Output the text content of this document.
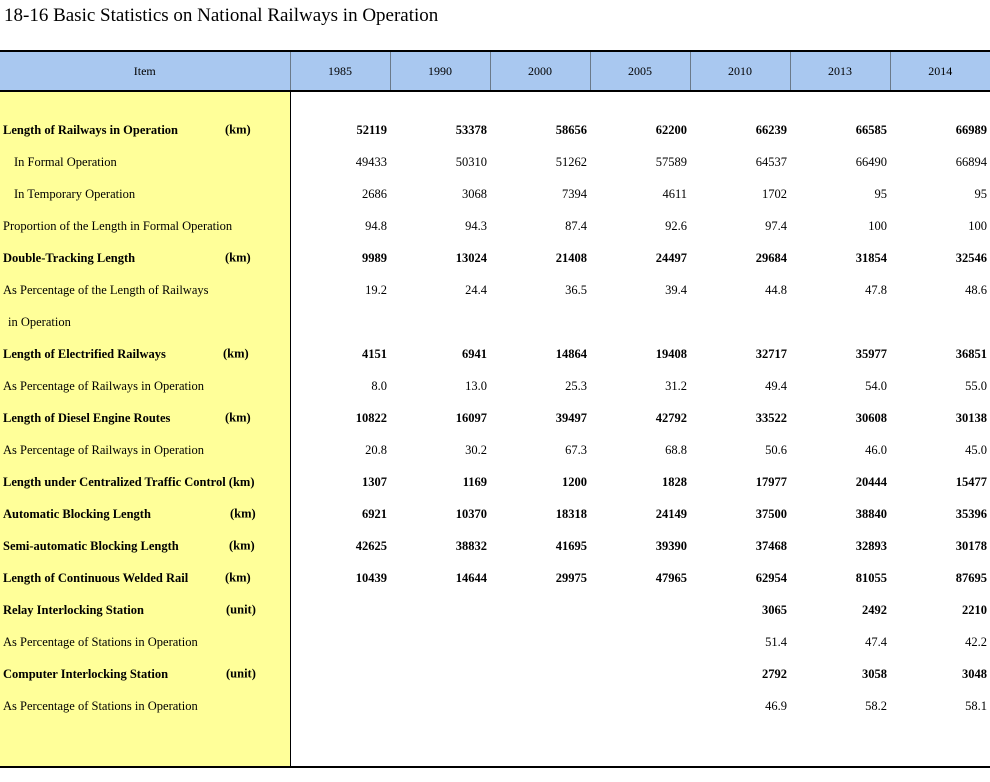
18-16 Basic Statistics on National Railways in Operation
Item	1985	1990	2000	2005	2010	2013	2014

Length of Railways in Operation (km)	52119	53378	58656	62200	66239	66585	66989
In Formal Operation	49433	50310	51262	57589	64537	66490	66894
In Temporary Operation	2686	3068	7394	4611	1702	95	95
Proportion of the Length in Formal Operation	94.8	94.3	87.4	92.6	97.4	100	100
Double-Tracking Length (km)	9989	13024	21408	24497	29684	31854	32546
As Percentage of the Length of Railways	19.2	24.4	36.5	39.4	44.8	47.8	48.6
in Operation							
Length of Electrified Railways (km)	4151	6941	14864	19408	32717	35977	36851
As Percentage of Railways in Operation	8.0	13.0	25.3	31.2	49.4	54.0	55.0
Length of Diesel Engine Routes (km)	10822	16097	39497	42792	33522	30608	30138
As Percentage of Railways in Operation	20.8	30.2	67.3	68.8	50.6	46.0	45.0
Length under Centralized Traffic Control (km)	1307	1169	1200	1828	17977	20444	15477
Automatic Blocking Length (km)	6921	10370	18318	24149	37500	38840	35396
Semi-automatic Blocking Length (km)	42625	38832	41695	39390	37468	32893	30178
Length of Continuous Welded Rail (km)	10439	14644	29975	47965	62954	81055	87695
Relay Interlocking Station (unit)					3065	2492	2210
As Percentage of Stations in Operation					51.4	47.4	42.2
Computer Interlocking Station (unit)					2792	3058	3048
As Percentage of Stations in Operation					46.9	58.2	58.1
